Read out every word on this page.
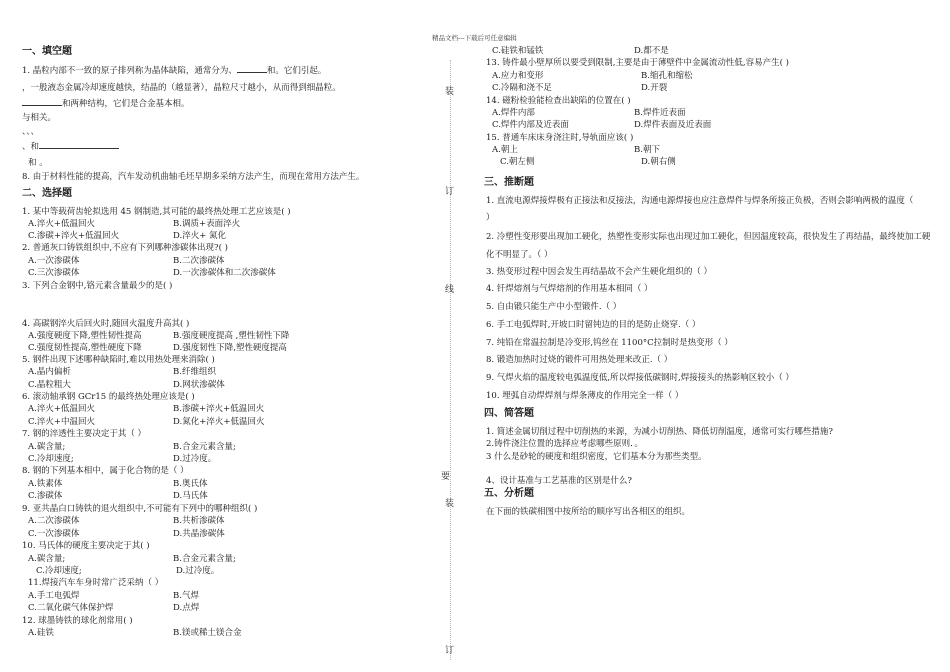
精品文档---下载后可任意编辑
装
订
线
要
装
订
一、填空题
1. 晶粒内部不一致的原子排列称为晶体缺陷，通常分为、	和。它们引起。
，一般液态金属冷却速度越快，结晶的（越显著），晶粒尺寸越小，从而得到细晶粒。
和两种结构，它们是合金基本相。
与相关。
、、、
、和
和 。
8. 由于材料性能的提高，汽车发动机曲轴毛坯早期多采纳方法产生，而现在常用方法产生。
二、选择题
1. 某中等载荷齿轮拟选用 45 钢制造,其可能的最终热处理工艺应该是( )
A.淬火+低温回火	B.调质+表面淬火
C.渗碳+淬火+低温回火	D.淬火+ 氮化
2. 普通灰口铸铁组织中,不应有下列哪种渗碳体出现?( )
A.一次渗碳体	B.二次渗碳体
C.三次渗碳体	D.一次渗碳体和二次渗碳体
3. 下列合金钢中,铬元素含量最少的是( )
4. 高碳钢淬火后回火时,随回火温度升高其( )
A.强度硬度下降,塑性韧性提高	B.强度硬度提高 ,塑性韧性下降
C.强度韧性提高,塑性硬度下降	D.强度韧性下降,塑性硬度提高
5. 钢件出现下述哪种缺陷时,难以用热处理来消除( )
A.晶内偏析	B.纤维组织
C.晶粒粗大	D.网状渗碳体
6. 滚动轴承钢 GCr15 的最终热处理应该是( )
A.淬火+低温回火	B.渗碳+淬火+低温回火
C.淬火+中温回火	D.氮化+淬火+低温回火
7. 钢的淬透性主要决定于其（ ）
A.碳含量;	B.合金元素含量;
C.冷却速度;	D.过冷度。
8. 钢的下列基本相中，属于化合物的是（ ）
A.铁素体	B.奥氏体
C.渗碳体	D.马氏体
9. 亚共晶白口铸铁的退火组织中,不可能有下列中的哪种组织( )
A.二次渗碳体	B.共析渗碳体
C.一次渗碳体	D.共晶渗碳体
10. 马氏体的硬度主要决定于其( )
A.碳含量;	B.合金元素含量;
C.冷却速度;	D.过冷度。
11.焊接汽车车身时常广泛采纳（ ）
A.手工电弧焊	B.气焊
C.二氧化碳气体保护焊	D.点焊
12. 球墨铸铁的球化剂常用( )
A.硅铁	B.镁或稀土镁合金
C.硅铁和锰铁	D.都不是
13. 铸件最小壁厚所以要受到限制,主要是由于薄壁件中金属流动性低,容易产生( )
A.应力和变形	B.缩孔和缩松
C.冷隔和浇不足	D.开裂
14. 磁粉检验能检查出缺陷的位置在( )
A.焊件内部	B.焊件近表面
C.焊件内部及近表面	D.焊件表面及近表面
15. 普通车床床身浇注时,导轨面应该( )
A.朝上	B.朝下
C.朝左侧	D.朝右侧
三、推断题
1. 直流电源焊接焊极有正接法和反接法，沟通电源焊接也应注意焊件与焊条所接正负极，否则会影响两极的温度（
）
2. 冷塑性变形要出现加工硬化，热塑性变形实际也出现过加工硬化，但因温度较高，很快发生了再结晶，最终使加工硬
化不明显了。（ ）
3. 热变形过程中因会发生再结晶故不会产生硬化组织的（ ）
4. 钎焊熔剂与气焊熔剂的作用基本相同（ ）
5. 自由锻只能生产中小型锻件.（ ）
6. 手工电弧焊时,开坡口时留钝边的目的是防止烧穿.（ ）
7. 纯铅在常温拉制是冷变形,钨丝在 1100°C拉制时是热变形（ ）
8. 锻造加热时过烧的锻件可用热处理来改正.（ ）
9. 气焊火焰的温度较电弧温度低,所以焊接低碳钢时,焊接接头的热影响区较小（ ）
10. 埋弧自动焊焊剂与焊条薄皮的作用完全一样（ ）
四、简答题
1. 简述金属切削过程中切削热的来源，为减小切削热、降低切削温度，通常可实行哪些措施?
2.铸件浇注位置的选择应考虑哪些原则．。
3 什么是砂轮的硬度和组织密度，它们基本分为那些类型。
4、设计基准与工艺基准的区别是什么?
五、分析题
在下面的铁碳相图中按所给的顺序写出各相区的组织。
